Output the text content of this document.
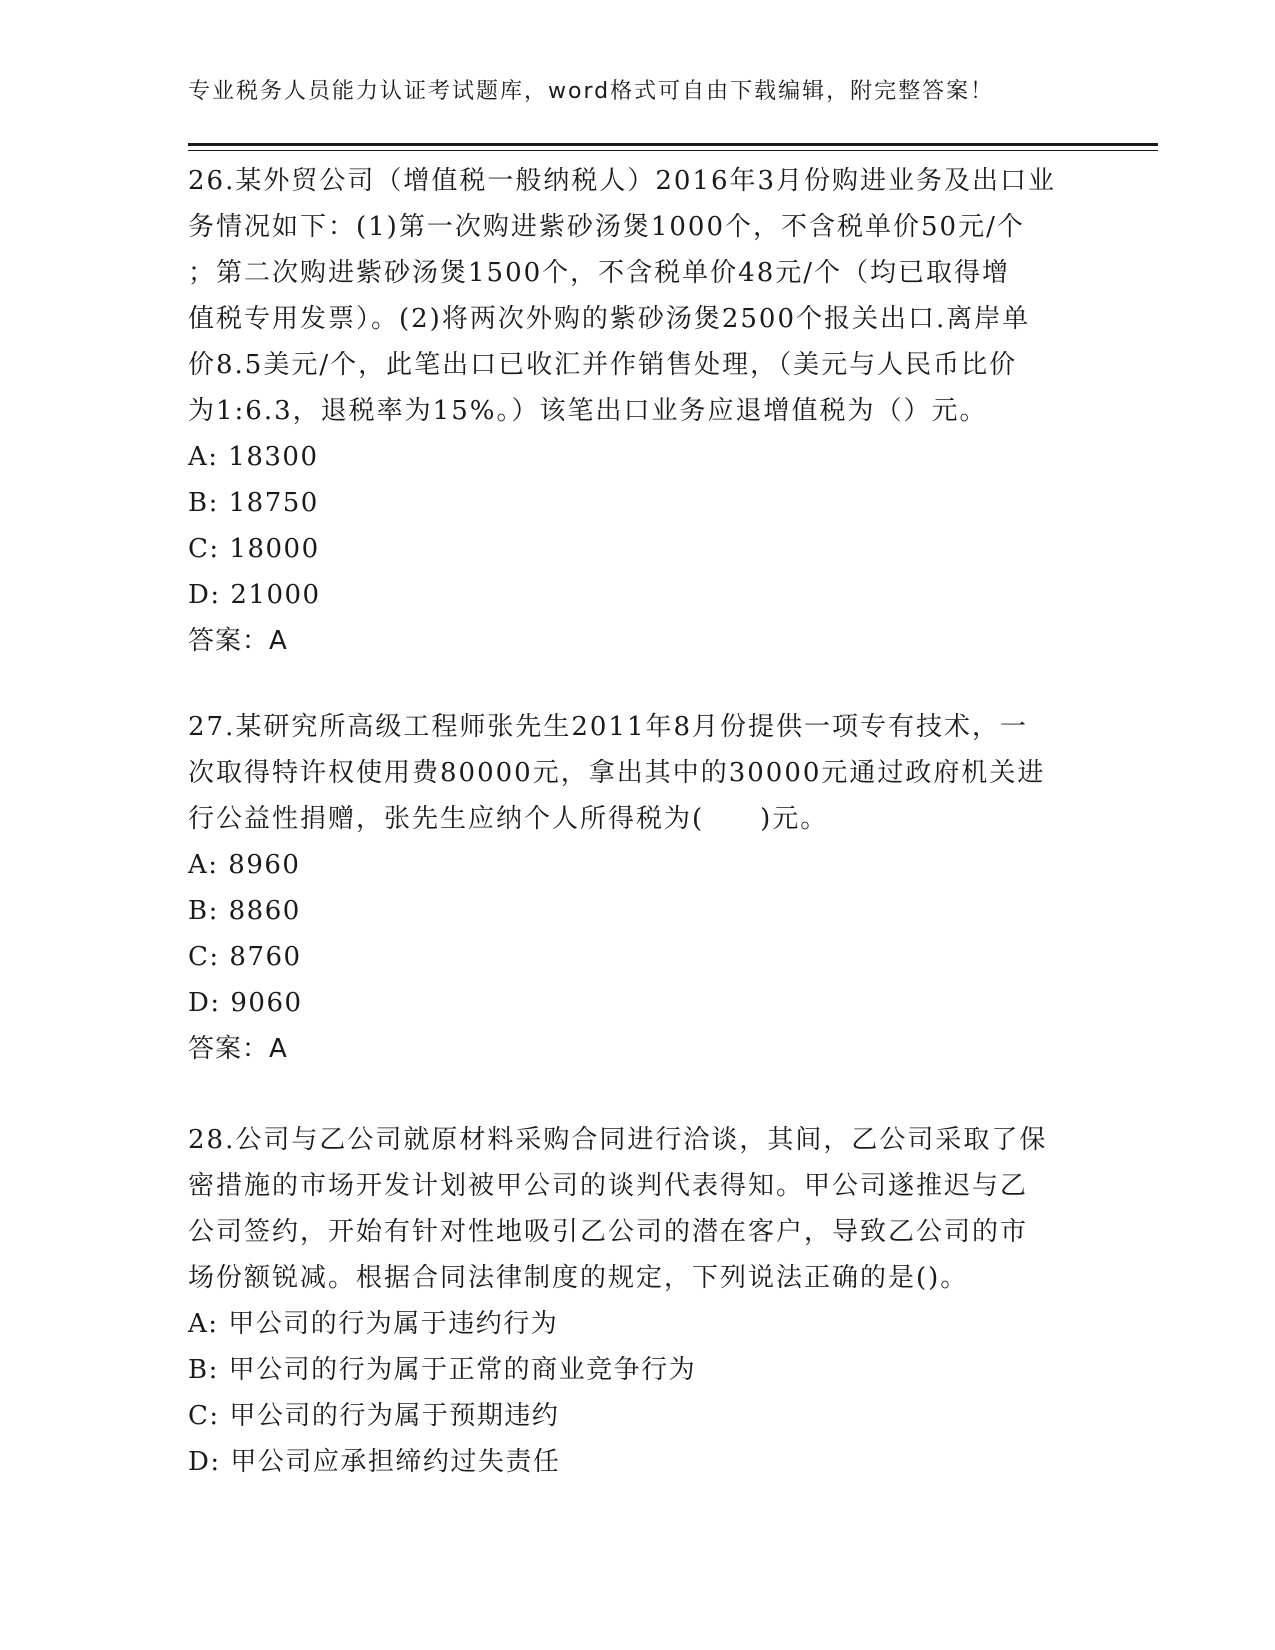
专业税务人员能力认证考试题库，word格式可自由下载编辑，附完整答案！
26.某外贸公司（增值税一般纳税人）2016年3月份购进业务及出口业
务情况如下：(1)第一次购进紫砂汤煲1000个，不含税单价50元/个
；第二次购进紫砂汤煲1500个，不含税单价48元/个（均已取得增
值税专用发票）。(2)将两次外购的紫砂汤煲2500个报关出口.离岸单
价8.5美元/个，此笔出口已收汇并作销售处理，（美元与人民币比价
为1:6.3，退税率为15%。）该笔出口业务应退增值税为（）元。
A: 18300
B: 18750
C: 18000
D: 21000
答案：A
27.某研究所高级工程师张先生2011年8月份提供一项专有技术，一
次取得特许权使用费80000元，拿出其中的30000元通过政府机关进
行公益性捐赠，张先生应纳个人所得税为(　　)元。
A: 8960
B: 8860
C: 8760
D: 9060
答案：A
28.公司与乙公司就原材料采购合同进行洽谈，其间，乙公司采取了保
密措施的市场开发计划被甲公司的谈判代表得知。甲公司遂推迟与乙
公司签约，开始有针对性地吸引乙公司的潜在客户，导致乙公司的市
场份额锐减。根据合同法律制度的规定，下列说法正确的是()。
A: 甲公司的行为属于违约行为
B: 甲公司的行为属于正常的商业竞争行为
C: 甲公司的行为属于预期违约
D: 甲公司应承担缔约过失责任
